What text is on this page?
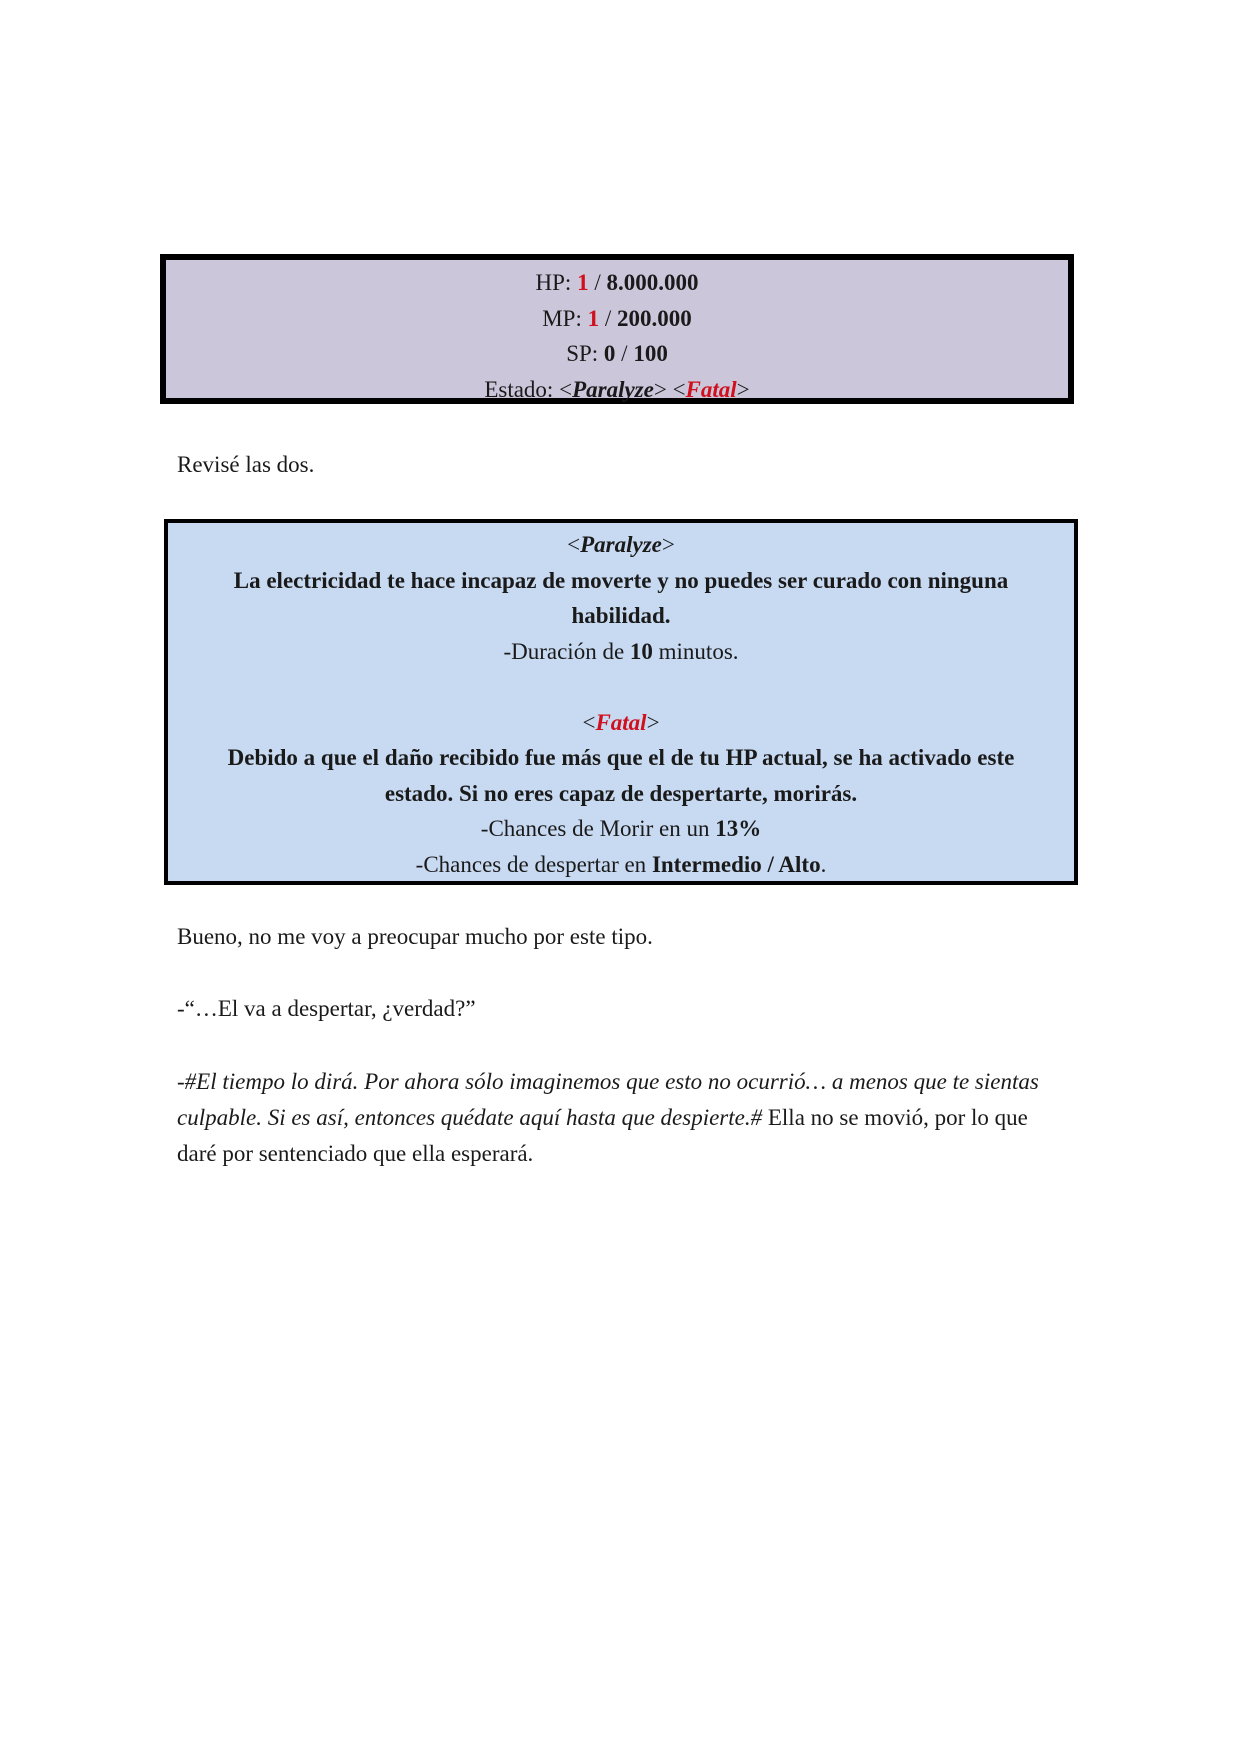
HP: 1 / 8.000.000
MP: 1 / 200.000
SP: 0 / 100
Estado: <Paralyze> <Fatal>
Revisé las dos.
<Paralyze>
La electricidad te hace incapaz de moverte y no puedes ser curado con ninguna habilidad.
-Duración de 10 minutos.
<Fatal>
Debido a que el daño recibido fue más que el de tu HP actual, se ha activado este estado. Si no eres capaz de despertarte, morirás.
-Chances de Morir en un 13%
-Chances de despertar en Intermedio / Alto.
Bueno, no me voy a preocupar mucho por este tipo.
-“…El va a despertar, ¿verdad?”
-#El tiempo lo dirá. Por ahora sólo imaginemos que esto no ocurrió… a menos que te sientas culpable. Si es así, entonces quédate aquí hasta que despierte.# Ella no se movió, por lo que daré por sentenciado que ella esperará.
